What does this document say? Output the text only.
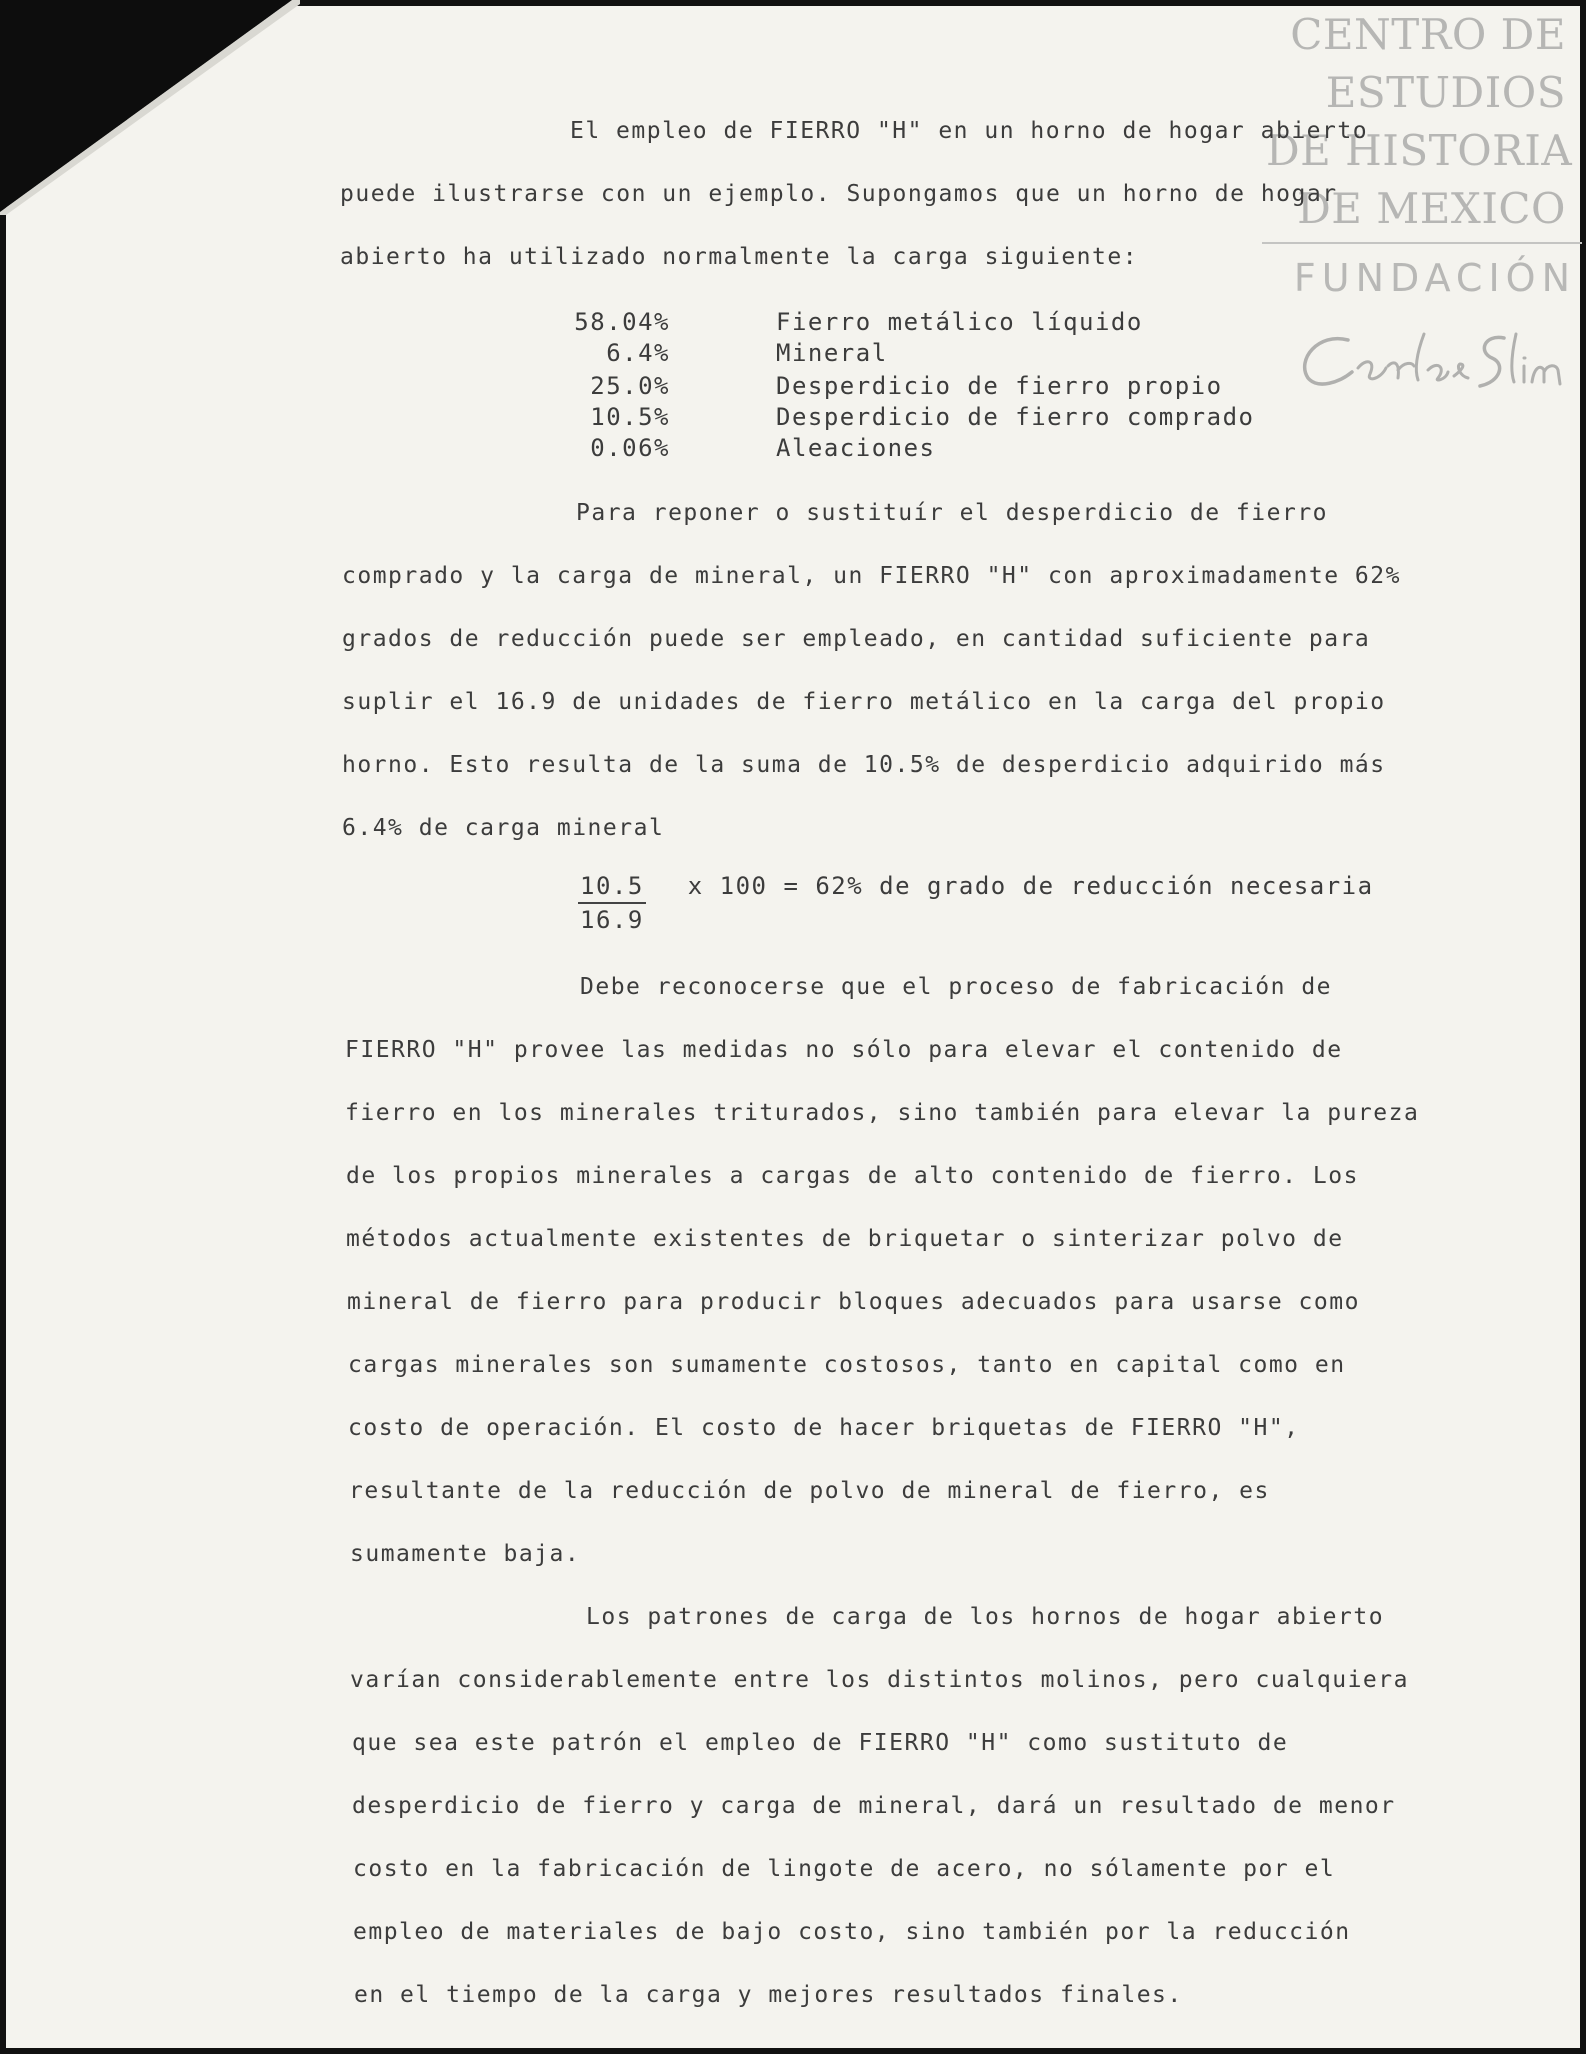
CENTRO DE
ESTUDIOS
DE HISTORIA
DE MEXICO
FUNDACIÓN
El empleo de FIERRO "H" en un horno de hogar abierto
puede ilustrarse con un ejemplo. Supongamos que un horno de hogar
abierto ha utilizado normalmente la carga siguiente:
58.04%	Fierro metálico líquido
6.4%	Mineral
25.0%	Desperdicio de fierro propio
10.5%	Desperdicio de fierro comprado
0.06%	Aleaciones
Para reponer o sustituír el desperdicio de fierro
comprado y la carga de mineral, un FIERRO "H" con aproximadamente 62%
grados de reducción puede ser empleado, en cantidad suficiente para
suplir el 16.9 de unidades de fierro metálico en la carga del propio
horno. Esto resulta de la suma de 10.5% de desperdicio adquirido más
6.4% de carga mineral
$\frac{10.5}{16.9}$ x 100 = 62% de grado de reducción necesaria
Debe reconocerse que el proceso de fabricación de
FIERRO "H" provee las medidas no sólo para elevar el contenido de
fierro en los minerales triturados, sino también para elevar la pureza
de los propios minerales a cargas de alto contenido de fierro. Los
métodos actualmente existentes de briquetar o sinterizar polvo de
mineral de fierro para producir bloques adecuados para usarse como
cargas minerales son sumamente costosos, tanto en capital como en
costo de operación. El costo de hacer briquetas de FIERRO "H",
resultante de la reducción de polvo de mineral de fierro, es
sumamente baja.
Los patrones de carga de los hornos de hogar abierto
varían considerablemente entre los distintos molinos, pero cualquiera
que sea este patrón el empleo de FIERRO "H" como sustituto de
desperdicio de fierro y carga de mineral, dará un resultado de menor
costo en la fabricación de lingote de acero, no sólamente por el
empleo de materiales de bajo costo, sino también por la reducción
en el tiempo de la carga y mejores resultados finales.
